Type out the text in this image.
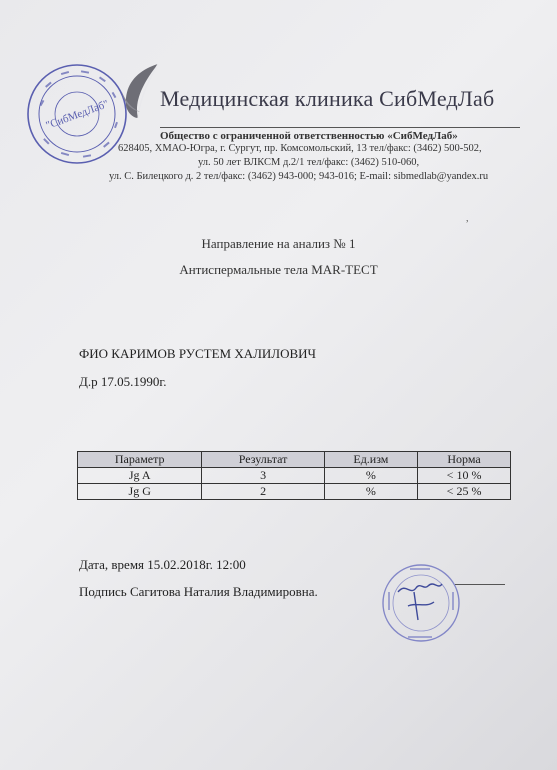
"СибМедЛаб" Медицинская клиника СибМедЛаб
Общество с ограниченной ответственностью «СибМедЛаб»
628405, ХМАО-Югра, г. Сургут, пр. Комсомольский, 13 тел/факс: (3462) 500-502,
ул. 50 лет ВЛКСМ д.2/1 тел/факс: (3462) 510-060,
ул. С. Билецкого д. 2 тел/факс: (3462) 943-000; 943-016; E-mail: sibmedlab@yandex.ru
Направление на анализ № 1
Антиспермальные тела MAR-ТЕСТ
ФИО КАРИМОВ РУСТЕМ ХАЛИЛОВИЧ
Д.р 17.05.1990г.
Параметр	Результат	Ед.изм	Норма
Jg A	3	%	< 10 %
Jg G	2	%	< 25 %
Дата, время 15.02.2018г. 12:00
Подпись Сагитова Наталия Владимировна.
,
